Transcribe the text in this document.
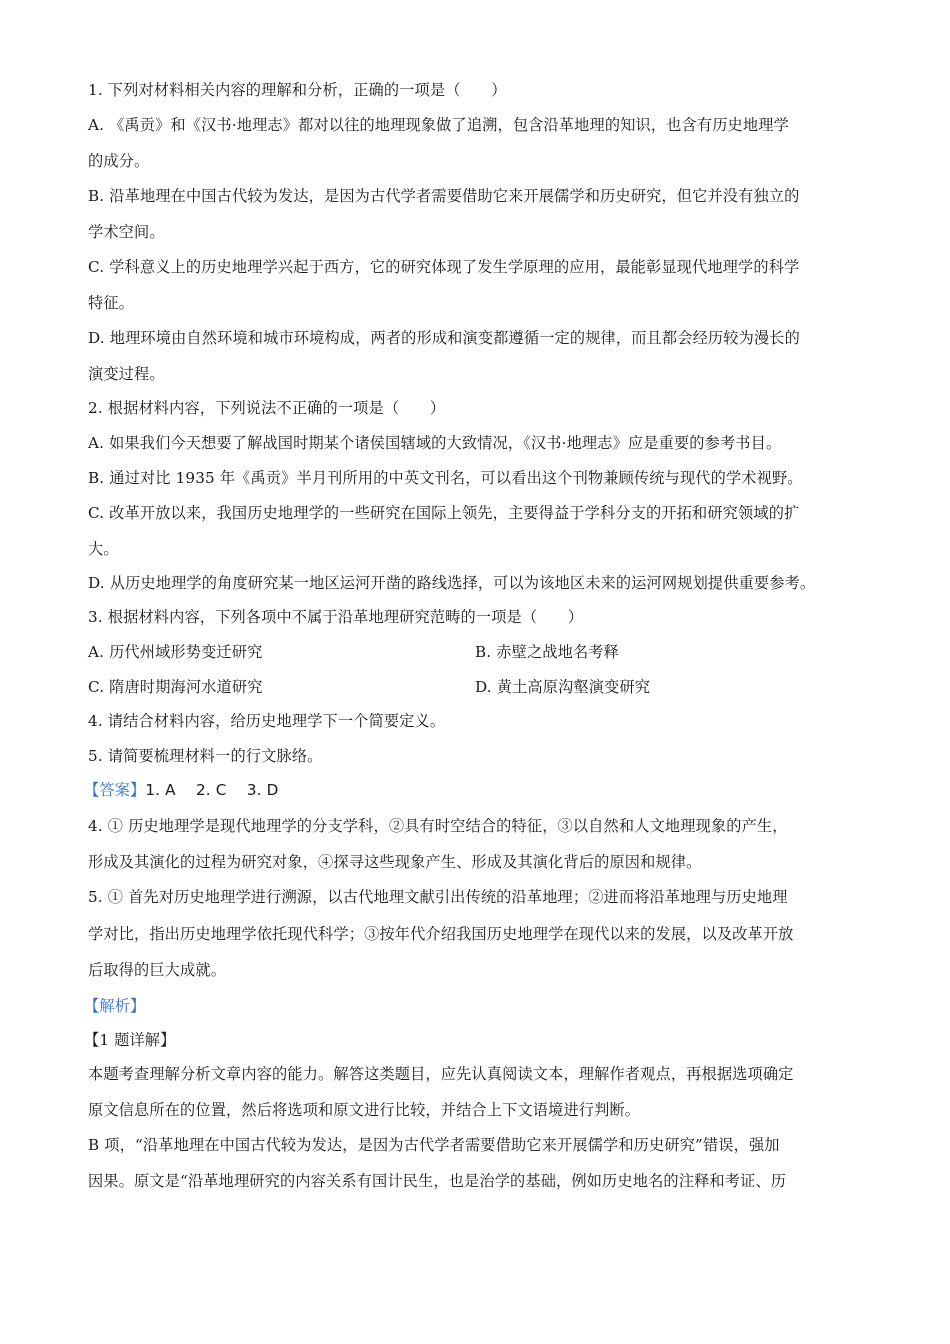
1. 下列对材料相关内容的理解和分析，正确的一项是（　　）
A. 《禹贡》和《汉书·地理志》都对以往的地理现象做了追溯，包含沿革地理的知识，也含有历史地理学
的成分。
B. 沿革地理在中国古代较为发达，是因为古代学者需要借助它来开展儒学和历史研究，但它并没有独立的
学术空间。
C. 学科意义上的历史地理学兴起于西方，它的研究体现了发生学原理的应用，最能彰显现代地理学的科学
特征。
D. 地理环境由自然环境和城市环境构成，两者的形成和演变都遵循一定的规律，而且都会经历较为漫长的
演变过程。
2. 根据材料内容，下列说法不正确的一项是（　　）
A. 如果我们今天想要了解战国时期某个诸侯国辖域的大致情况，《汉书·地理志》应是重要的参考书目。
B. 通过对比 1935 年《禹贡》半月刊所用的中英文刊名，可以看出这个刊物兼顾传统与现代的学术视野。
C. 改革开放以来，我国历史地理学的一些研究在国际上领先，主要得益于学科分支的开拓和研究领域的扩
大。
D. 从历史地理学的角度研究某一地区运河开凿的路线选择，可以为该地区未来的运河网规划提供重要参考。
3. 根据材料内容，下列各项中不属于沿革地理研究范畴的一项是（　　）
A. 历代州域形势变迁研究	B. 赤壁之战地名考释
C. 隋唐时期海河水道研究	D. 黄土高原沟壑演变研究
4. 请结合材料内容，给历史地理学下一个简要定义。
5. 请简要梳理材料一的行文脉络。
【答案】1. A　 2. C　 3. D
4. ① 历史地理学是现代地理学的分支学科，②具有时空结合的特征，③以自然和人文地理现象的产生，
形成及其演化的过程为研究对象，④探寻这些现象产生、形成及其演化背后的原因和规律。
5. ① 首先对历史地理学进行溯源，以古代地理文献引出传统的沿革地理；②进而将沿革地理与历史地理
学对比，指出历史地理学依托现代科学；③按年代介绍我国历史地理学在现代以来的发展，以及改革开放
后取得的巨大成就。
【解析】
【1 题详解】
本题考查理解分析文章内容的能力。解答这类题目，应先认真阅读文本，理解作者观点，再根据选项确定
原文信息所在的位置，然后将选项和原文进行比较，并结合上下文语境进行判断。
B 项，“沿革地理在中国古代较为发达，是因为古代学者需要借助它来开展儒学和历史研究”错误，强加
因果。原文是“沿革地理研究的内容关系有国计民生，也是治学的基础，例如历史地名的注释和考证、历
